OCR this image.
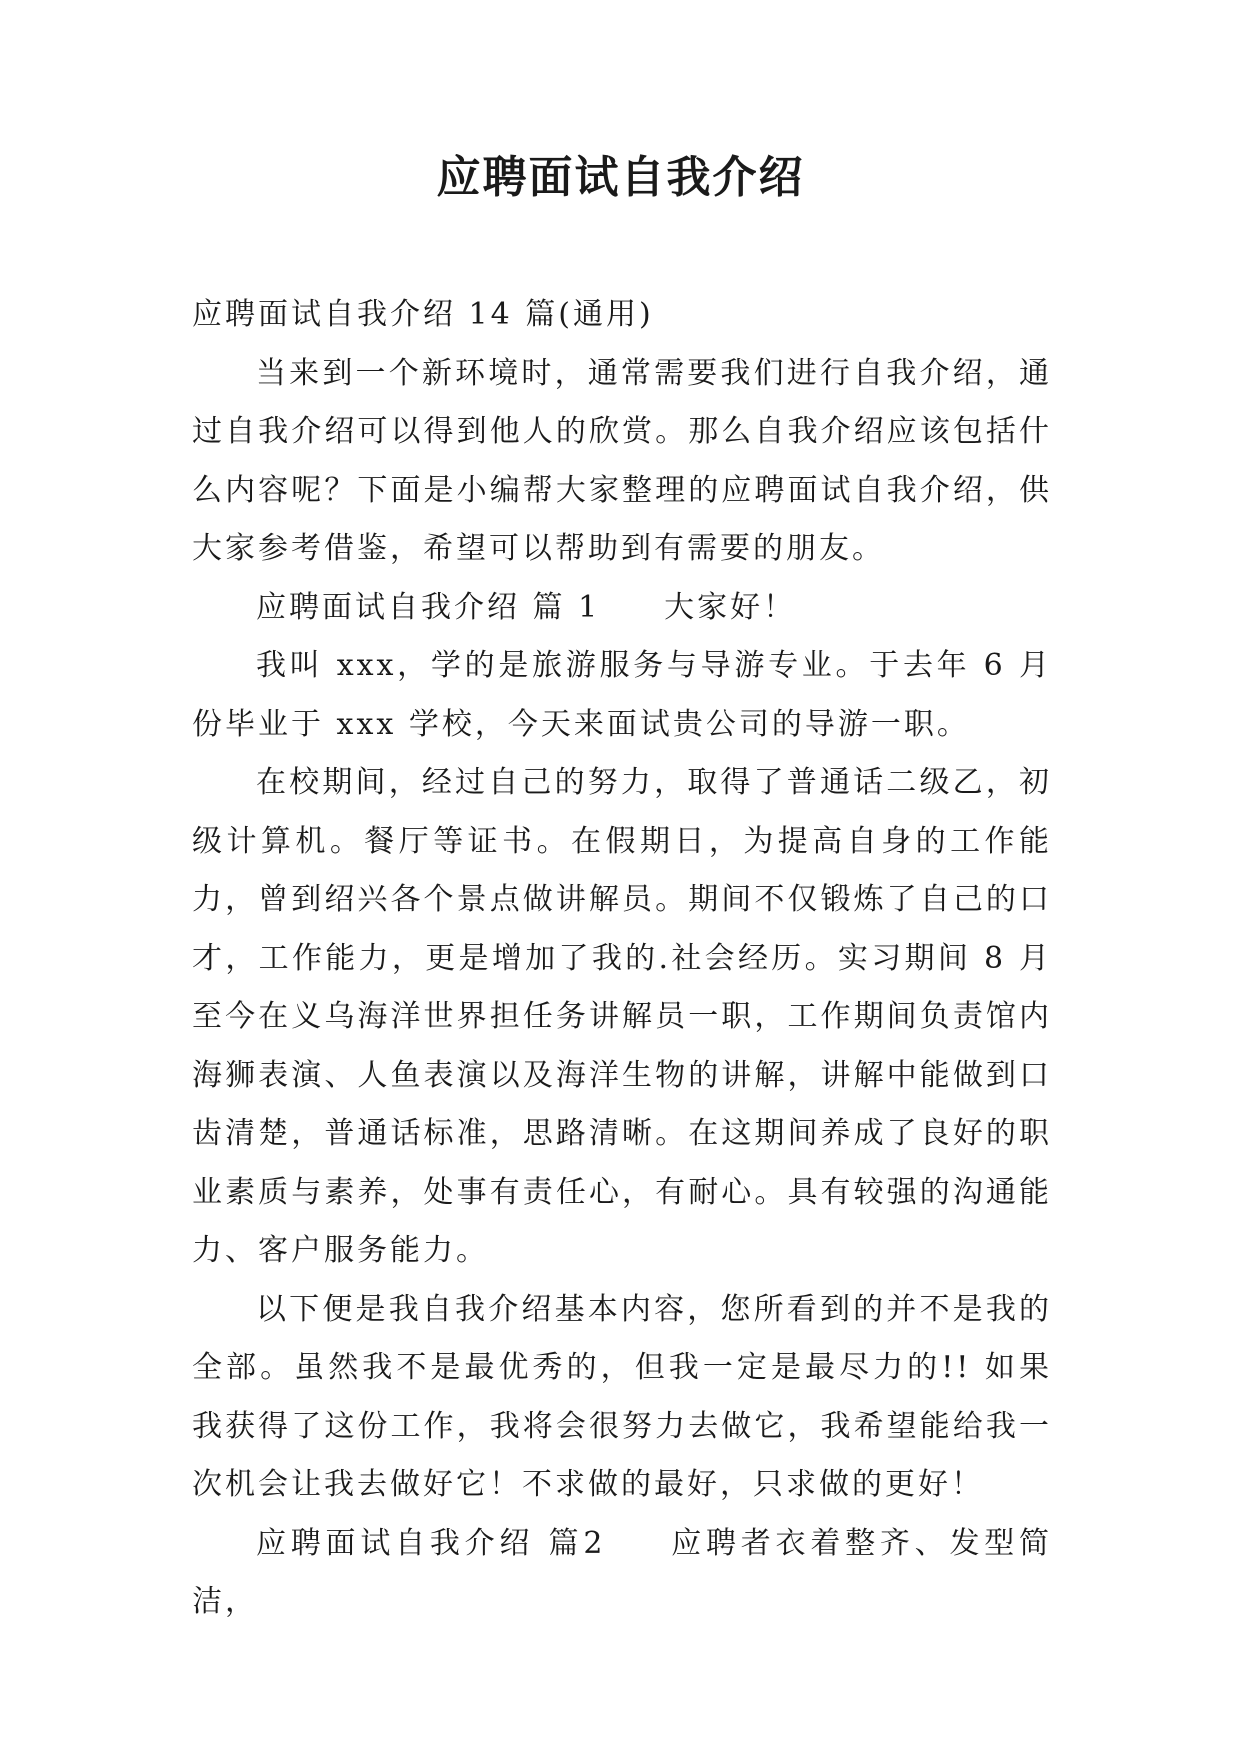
应聘面试自我介绍

应聘面试自我介绍 14 篇(通用)

当来到一个新环境时，通常需要我们进行自我介绍，通过自我介绍可以得到他人的欣赏。那么自我介绍应该包括什么内容呢？下面是小编帮大家整理的应聘面试自我介绍，供大家参考借鉴，希望可以帮助到有需要的朋友。

应聘面试自我介绍 篇 1 大家好！

我叫 xxx，学的是旅游服务与导游专业。于去年 6 月份毕业于 xxx 学校，今天来面试贵公司的导游一职。

在校期间，经过自己的努力，取得了普通话二级乙，初级计算机。餐厅等证书。在假期日，为提高自身的工作能力，曾到绍兴各个景点做讲解员。期间不仅锻炼了自己的口才，工作能力，更是增加了我的.社会经历。实习期间 8 月至今在义乌海洋世界担任务讲解员一职，工作期间负责馆内海狮表演、人鱼表演以及海洋生物的讲解，讲解中能做到口齿清楚，普通话标准，思路清晰。在这期间养成了良好的职业素质与素养，处事有责任心，有耐心。具有较强的沟通能力、客户服务能力。

以下便是我自我介绍基本内容，您所看到的并不是我的全部。虽然我不是最优秀的，但我一定是最尽力的!! 如果我获得了这份工作，我将会很努力去做它，我希望能给我一次机会让我去做好它！不求做的最好，只求做的更好！

应聘面试自我介绍 篇2 应聘者衣着整齐、发型简洁，
